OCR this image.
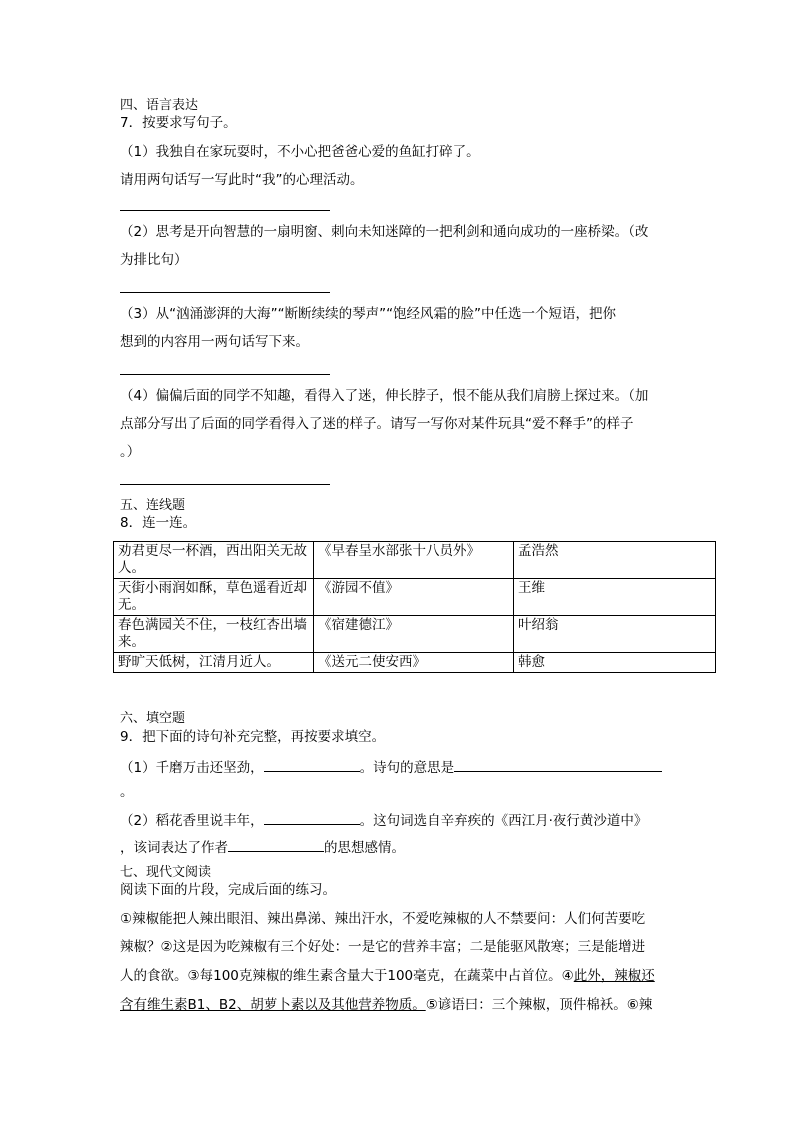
四、语言表达
7．按要求写句子。
（1）我独自在家玩耍时，不小心把爸爸心爱的鱼缸打碎了。
请用两句话写一写此时“我”的心理活动。
（2）思考是开向智慧的一扇明窗、刺向未知迷障的一把利剑和通向成功的一座桥梁。（改
为排比句）
（3）从“汹涌澎湃的大海”“断断续续的琴声”“饱经风霜的脸”中任选一个短语，把你
想到的内容用一两句话写下来。
（4）偏偏后面的同学不知趣，看得入了迷，伸长脖子，恨不能从我们肩膀上探过来。（加
点部分写出了后面的同学看得入了迷的样子。请写一写你对某件玩具“爱不释手”的样子
。）
五、连线题
8．连一连。
劝君更尽一杯酒，西出阳关无故人。	《早春呈水部张十八员外》	孟浩然
天街小雨润如酥，草色遥看近却无。	《游园不值》	王维
春色满园关不住，一枝红杏出墙来。	《宿建德江》	叶绍翁
野旷天低树，江清月近人。	《送元二使安西》	韩愈
六、填空题
9．把下面的诗句补充完整，再按要求填空。
（1）千磨万击还坚劲，	。诗句的意思是
。
（2）稻花香里说丰年，	。这句词选自辛弃疾的《西江月·夜行黄沙道中》
，该词表达了作者	的思想感情。
七、现代文阅读
阅读下面的片段，完成后面的练习。
①辣椒能把人辣出眼泪、辣出鼻涕、辣出汗水，不爱吃辣椒的人不禁要问：人们何苦要吃
辣椒？②这是因为吃辣椒有三个好处：一是它的营养丰富；二是能驱风散寒；三是能增进
人的食欲。③每100克辣椒的维生素含量大于100毫克，在蔬菜中占首位。④此外，辣椒还
含有维生素B1、B2、胡萝卜素以及其他营养物质。⑤谚语曰：三个辣椒，顶件棉袄。⑥辣
